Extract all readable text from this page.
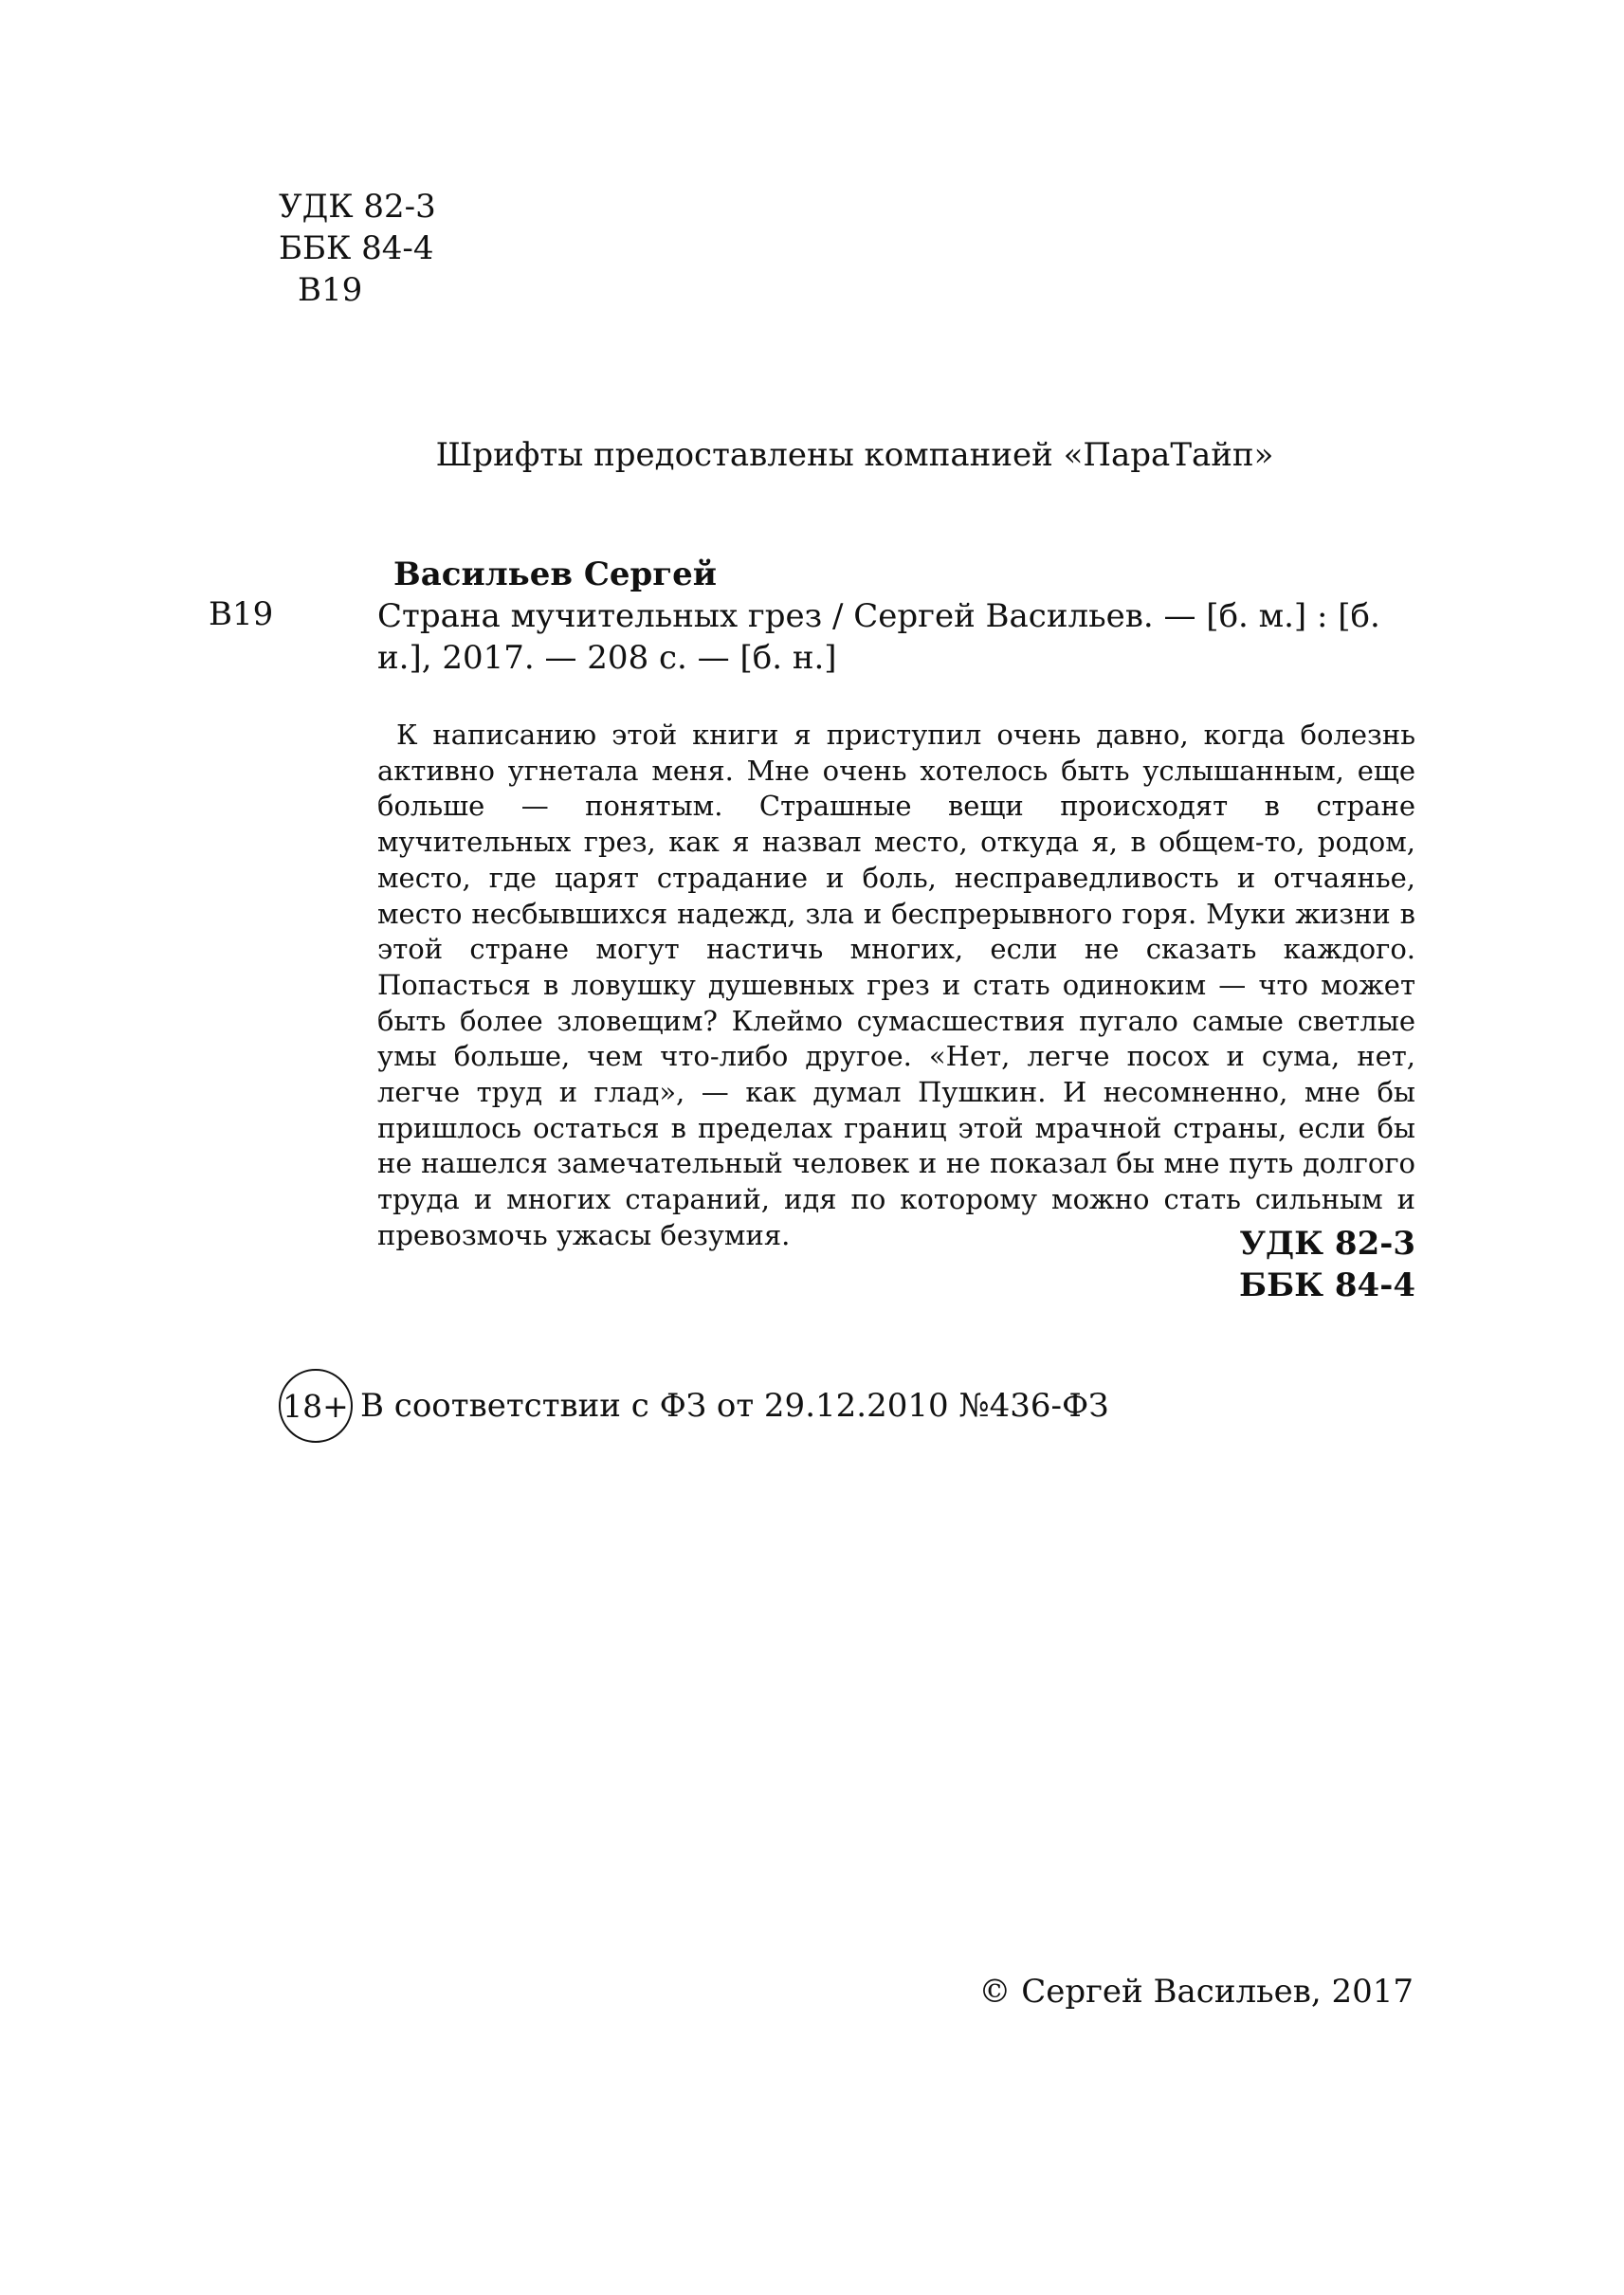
УДК 82-3
ББК 84-4
В19
Шрифты предоставлены компанией «ПараТайп»
Васильев Сергей
В19	Страна мучительных грез / Сергей Васильев. — [б. м.] : [б. и.], 2017. — 208 с. — [б. н.]
К написанию этой книги я приступил очень давно, когда болезнь активно угнетала меня. Мне очень хотелось быть услышанным, еще больше — понятым. Страшные вещи происходят в стране мучительных грез, как я назвал место, откуда я, в общем-то, родом, место, где царят страдание и боль, несправедливость и отчаянье, место несбывшихся надежд, зла и беспрерывного горя. Муки жизни в этой стране могут настичь многих, если не сказать каждого. Попасться в ловушку душевных грез и стать одиноким — что может быть более зловещим? Клеймо сумасшествия пугало самые светлые умы больше, чем что-либо другое. «Нет, легче посох и сума, нет, легче труд и глад», — как думал Пушкин. И несомненно, мне бы пришлось остаться в пределах границ этой мрачной страны, если бы не нашелся замечательный человек и не показал бы мне путь долгого труда и многих стараний, идя по которому можно стать сильным и превозмочь ужасы безумия.	УДК 82-3
ББК 84-4
18+ В соответствии с ФЗ от 29.12.2010 №436-ФЗ
© Сергей Васильев, 2017
